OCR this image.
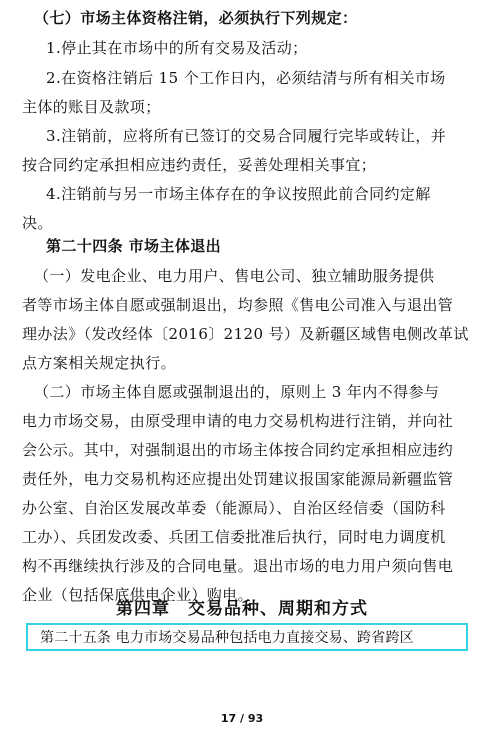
（七）市场主体资格注销，必须执行下列规定：
1.停止其在市场中的所有交易及活动；
2.在资格注销后 15 个工作日内，必须结清与所有相关市场
主体的账目及款项；
3.注销前，应将所有已签订的交易合同履行完毕或转让，并
按合同约定承担相应违约责任，妥善处理相关事宜；
4.注销前与另一市场主体存在的争议按照此前合同约定解
决。
第二十四条 市场主体退出
（一）发电企业、电力用户、售电公司、独立辅助服务提供
者等市场主体自愿或强制退出，均参照《售电公司准入与退出管
理办法》（发改经体〔2016〕2120 号）及新疆区域售电侧改革试
点方案相关规定执行。
（二）市场主体自愿或强制退出的，原则上 3 年内不得参与
电力市场交易，由原受理申请的电力交易机构进行注销，并向社
会公示。其中，对强制退出的市场主体按合同约定承担相应违约
责任外，电力交易机构还应提出处罚建议报国家能源局新疆监管
办公室、自治区发展改革委（能源局）、自治区经信委（国防科
工办）、兵团发改委、兵团工信委批准后执行，同时电力调度机
构不再继续执行涉及的合同电量。退出市场的电力用户须向售电
企业（包括保底供电企业）购电。
第四章　交易品种、周期和方式
第二十五条 电力市场交易品种包括电力直接交易、跨省跨区
17 / 93
